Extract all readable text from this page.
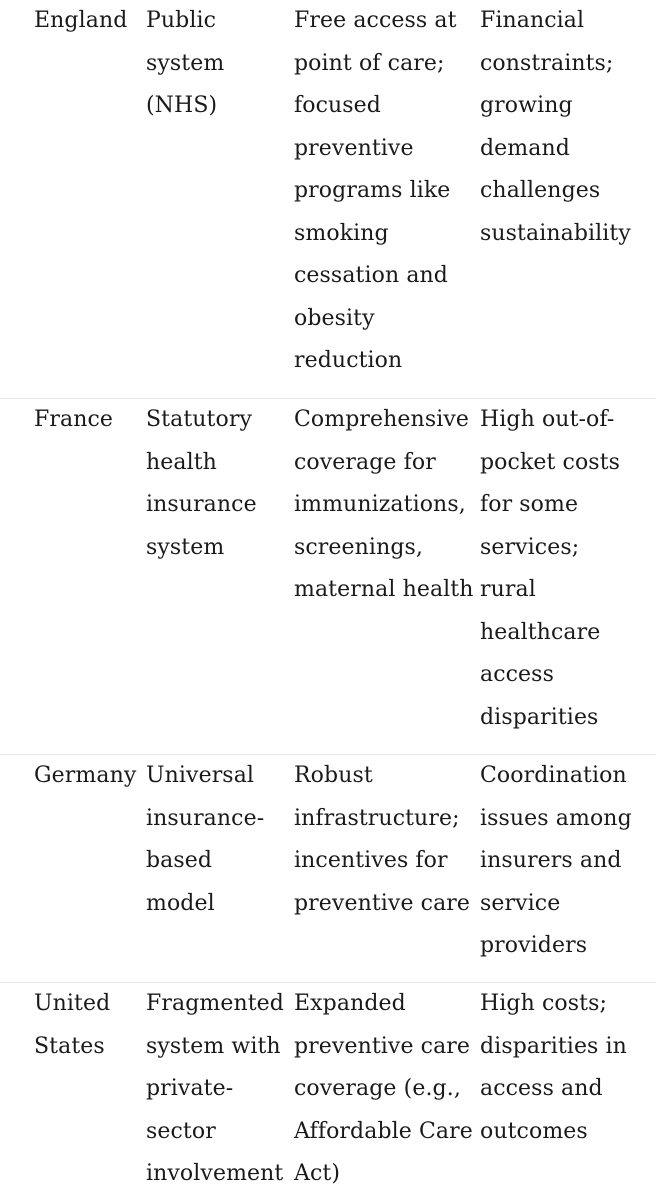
England Public
system
(NHS)
Free access at
point of care;
focused
preventive
programs like
smoking
cessation and
obesity
reduction
Financial
constraints;
growing
demand
challenges
sustainability
France	Statutory
health
insurance
system
Comprehensive
coverage for
immunizations,
screenings,
maternal health
High out-of-
pocket costs
for some
services;
rural
healthcare
access
disparities
Germany Universal
insurance-
based
model
Robust
infrastructure;
incentives for
preventive care
Coordination
issues among
insurers and
service
providers
United
States
Fragmented
system with
private-
sector
involvement
Expanded
preventive care
coverage (e.g.,
Affordable Care
Act)
High costs;
disparities in
access and
outcomes
